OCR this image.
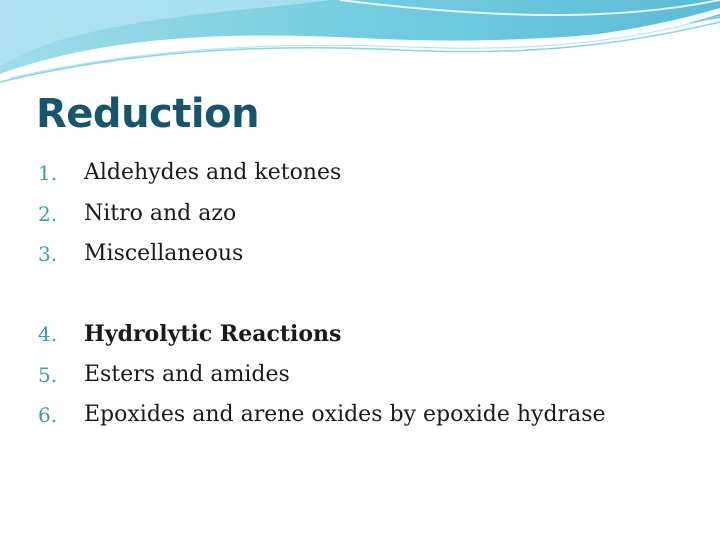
Reduction
1.	Aldehydes and ketones
2.	Nitro and azo
3.	Miscellaneous
4.	Hydrolytic Reactions
5.	Esters and amides
6.	Epoxides and arene oxides by epoxide hydrase
